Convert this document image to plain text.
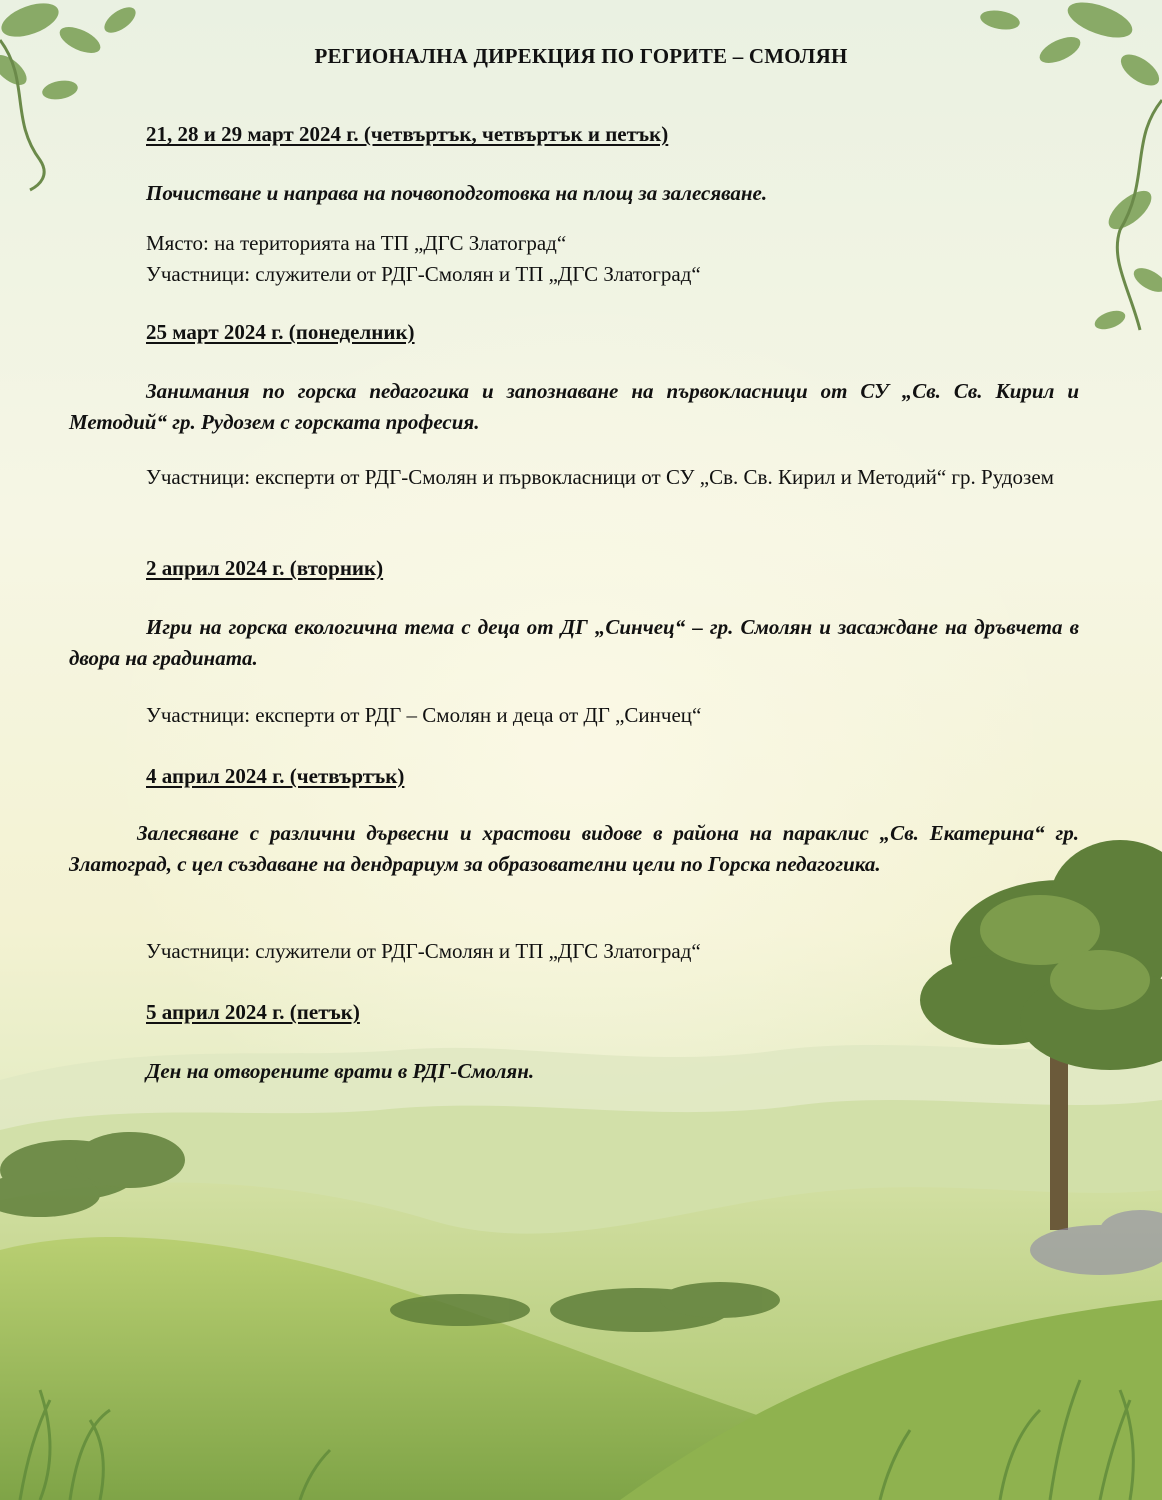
РЕГИОНАЛНА ДИРЕКЦИЯ ПО ГОРИТЕ – СМОЛЯН
21, 28 и 29 март 2024 г. (четвъртък, четвъртък и петък)
Почистване и направа на почвоподготовка на площ за залесяване.
Място: на територията на ТП „ДГС Златоград“
Участници: служители от РДГ-Смолян и ТП „ДГС Златоград“
25 март 2024 г. (понеделник)
Занимания по горска педагогика и запознаване на първокласници от СУ „Св. Св. Кирил и Методий“ гр. Рудозем с горската професия.
Участници: експерти от РДГ-Смолян и първокласници от СУ „Св. Св. Кирил и Методий“ гр. Рудозем
2 април 2024 г. (вторник)
Игри на горска екологична тема с деца от ДГ „Синчец“ – гр. Смолян и засаждане на дръвчета в двора на градината.
Участници: експерти от РДГ – Смолян и деца от ДГ „Синчец“
4 април 2024 г. (четвъртък)
Залесяване с различни дървесни и храстови видове в района на параклис „Св. Екатерина“ гр. Златоград, с цел създаване на дендрариум за образователни цели по Горска педагогика.
Участници: служители от РДГ-Смолян и ТП „ДГС Златоград“
5 април 2024 г. (петък)
Ден на отворените врати в РДГ-Смолян.
